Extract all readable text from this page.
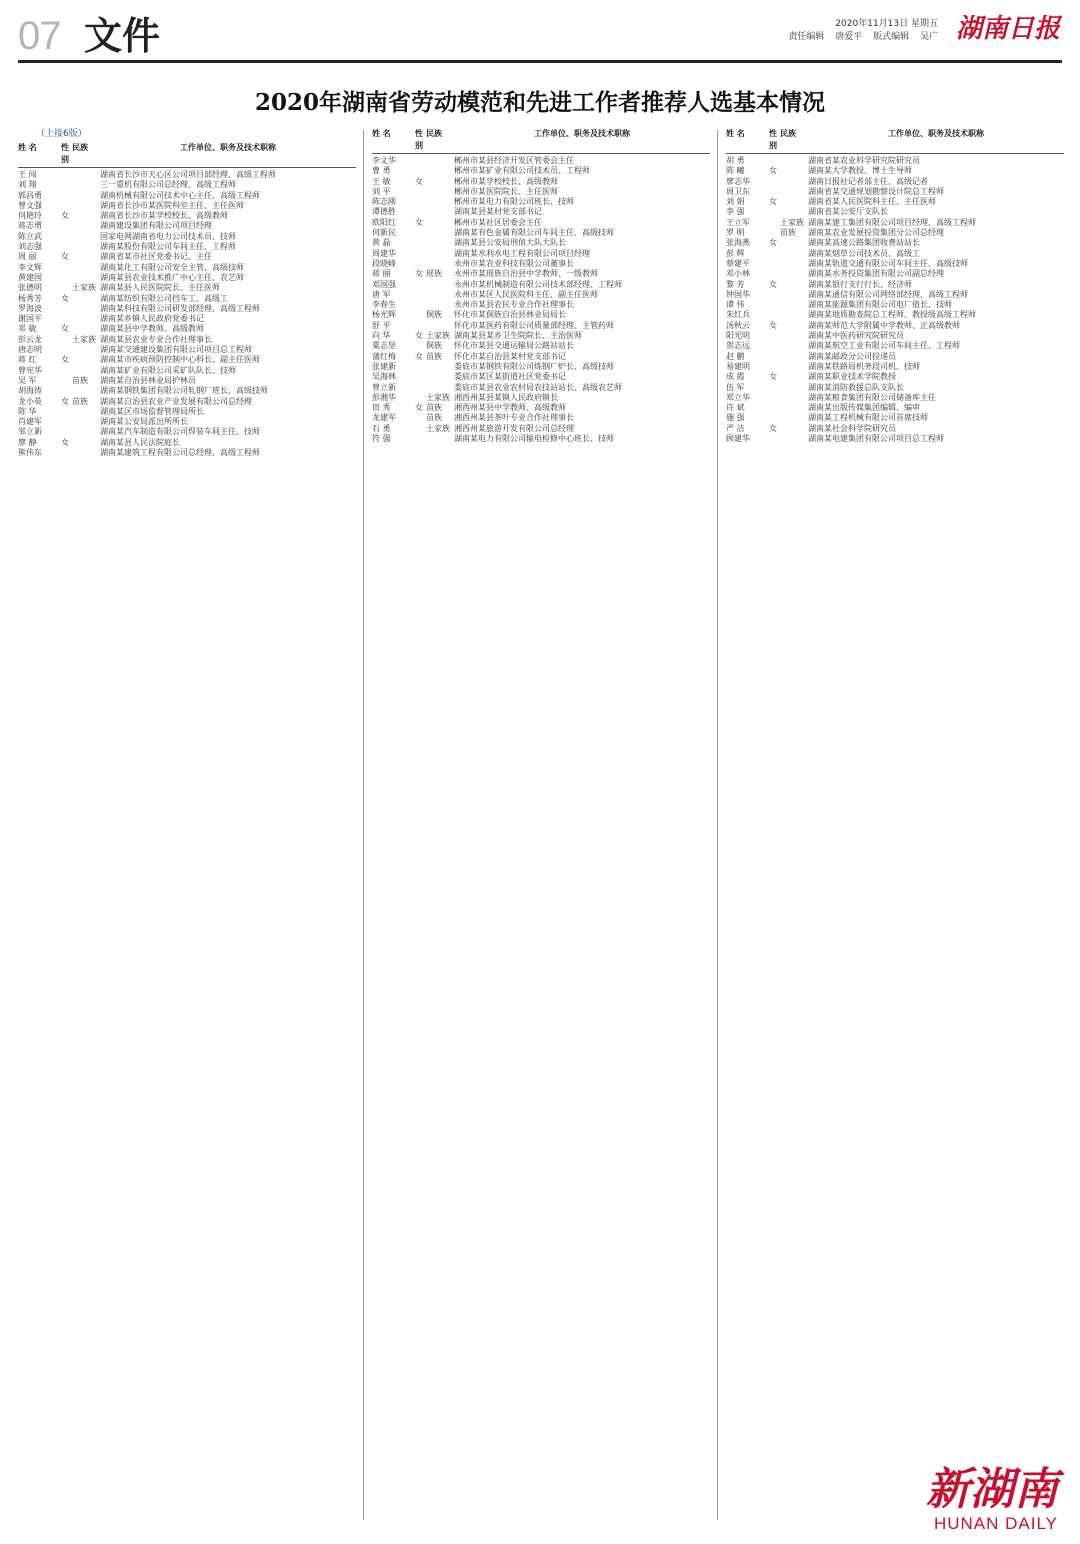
07 文件	2020年11月13日 星期五
责任编辑 唐爱平 版式编辑 吴广 湖南日报
2020年湖南省劳动模范和先进工作者推荐人选基本情况
（上接6版）
姓 名	性别
民族	工作单位、职务及技术职称
王 闯	湖南省长沙市天心区公司项目部经理、高级工程师
刘 翔	三一重机有限公司总经理、高级工程师
郭昌勇	湖南机械有限公司技术中心主任、高级工程师
曾文强	湖南省长沙市某医院科室主任、主任医师
何艳玲	女	湖南省长沙市某学校校长、高级教师
蒋志勇	湖南建设集团有限公司项目经理
陈立武	国家电网湖南省电力公司技术员、技师
刘志强	湖南某股份有限公司车间主任、工程师
周 丽	女	湖南省某市社区党委书记、主任
李文辉	湖南某化工有限公司安全主管、高级技师
黄建国	湖南某县农业技术推广中心主任、农艺师
张德明	土家族 湖南某县人民医院院长、主任医师
杨秀芳	女	湖南某纺织有限公司挡车工、高级工
罗海波	湖南某科技有限公司研发部经理、高级工程师
谢国平	湖南某乡镇人民政府党委书记
邓 敏	女	湖南某县中学教师、高级教师
彭云龙	土家族 湖南某县农业专业合作社理事长
唐志明	湖南某交通建设集团有限公司项目总工程师
蒋 红	女	湖南某市疾病预防控制中心科长、副主任医师
曾宪华	湖南某矿业有限公司采矿队队长、技师
吴 军	苗族	湖南某自治县林业局护林员
胡海涛	湖南某钢铁集团有限公司轧钢厂班长、高级技师
龙小英	女 苗族	湖南某自治县农业产业发展有限公司总经理
陈 华	湖南某区市场监督管理局所长
肖建军	湖南某公安局派出所所长
邹立新	湖南某汽车制造有限公司焊装车间主任、技师
廖 静	女	湖南某县人民法院庭长
熊伟东	湖南某建筑工程有限公司总经理、高级工程师
姓 名	性别
民族	工作单位、职务及技术职称
李文华	郴州市某县经济开发区管委会主任
曹 勇	郴州市某矿业有限公司技术员、工程师
王 敏	女	郴州市某学校校长、高级教师
刘 平	郴州市某医院院长、主任医师
陈志刚	郴州市某电力有限公司班长、技师
谭德胜	湖南某县某村党支部书记
欧阳红	女	郴州市某社区居委会主任
何新民	湖南某有色金属有限公司车间主任、高级技师
黄 磊	湖南某县公安局刑侦大队大队长
周建华	湖南某水利水电工程有限公司项目经理
段晓峰	永州市某农业科技有限公司董事长
蒋 丽	女 瑶族	永州市某瑶族自治县中学教师、一级教师
邓国强	永州市某机械制造有限公司技术部经理、工程师
唐 军	永州市某区人民医院科主任、副主任医师
李春生	永州市某县农民专业合作社理事长
杨光辉	侗族	怀化市某侗族自治县林业局局长
舒 平	怀化市某医药有限公司质量部经理、主管药师
向 华	女 土家族 湖南某县某乡卫生院院长、主治医师
粟志坚	侗族	怀化市某县交通运输局公路站站长
蒲红梅	女 苗族	怀化市某自治县某村党支部书记
张建新	娄底市某钢铁有限公司炼钢厂炉长、高级技师
吴海林	娄底市某区某街道社区党委书记
曾立新	娄底市某县农业农村局农技站站长、高级农艺师
彭湘华	土家族 湘西州某县某镇人民政府镇长
田 秀	女 苗族	湘西州某县中学教师、高级教师
龙建军	苗族	湘西州某县茶叶专业合作社理事长
石 勇	土家族 湘西州某旅游开发有限公司总经理
符 强	湖南某电力有限公司输电检修中心班长、技师
姓 名	性别
民族	工作单位、职务及技术职称
胡 勇	湖南省某农业科学研究院研究员
陈 曦	女	湖南某大学教授、博士生导师
廖志华	湖南日报社记者部主任、高级记者
周卫东	湖南省某交通规划勘察设计院总工程师
刘 娟	女	湖南省某人民医院科主任、主任医师
李 强	湖南省某公安厅支队长
王立军	土家族 湖南某建工集团有限公司项目经理、高级工程师
罗 明	苗族	湖南某农业发展投资集团分公司总经理
张海燕	女	湖南某高速公路集团收费站站长
彭 辉	湖南某烟草公司技术员、高级工
蔡建平	湖南某轨道交通有限公司车间主任、高级技师
邓小林	湖南某水务投资集团有限公司副总经理
黎 芳	女	湖南某银行支行行长、经济师
钟国华	湖南某通信有限公司网络部经理、高级工程师
谭 伟	湖南某能源集团有限公司电厂值长、技师
朱红兵	湖南某地质勘查院总工程师、教授级高级工程师
汤秋云	女	湖南某师范大学附属中学教师、正高级教师
阳光明	湖南某中医药研究院研究员
贺志远	湖南某航空工业有限公司车间主任、工程师
赵 鹏	湖南某邮政分公司投递员
易建明	湖南某铁路局机务段司机、技师
成 霞	女	湖南某职业技术学院教授
伍 军	湖南某消防救援总队支队长
郑立华	湖南某粮食集团有限公司储备库主任
许 斌	湖南某出版传媒集团编辑、编审
施 强	湖南某工程机械有限公司首席技师
严 洁	女	湖南某社会科学院研究员
顾建华	湖南某电建集团有限公司项目总工程师
新湖南
HUNAN DAILY
